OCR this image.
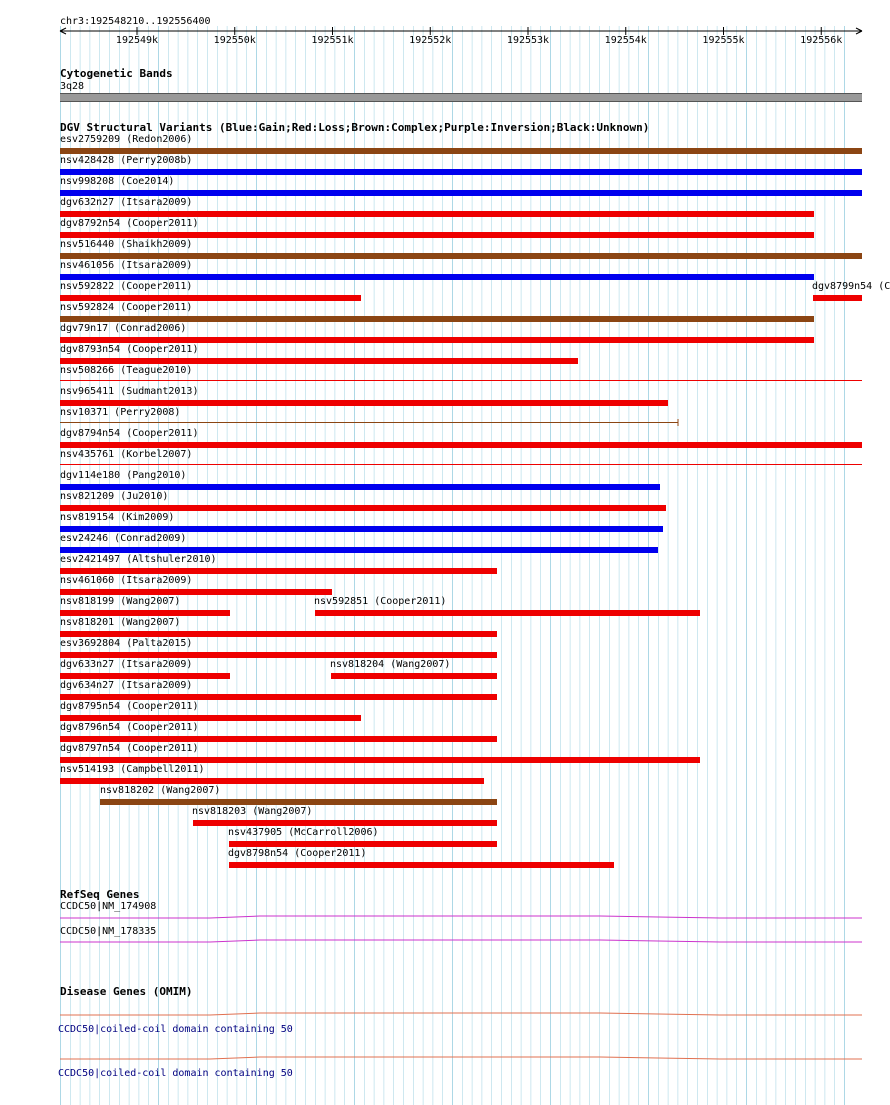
chr3:192548210..192556400
192549k	192550k	192551k	192552k	192553k	192554k	192555k	192556k
Cytogenetic Bands
3q28
DGV Structural Variants (Blue:Gain;Red:Loss;Brown:Complex;Purple:Inversion;Black:Unknown)
esv2759209 (Redon2006)
nsv428428 (Perry2008b)
nsv998208 (Coe2014)
dgv632n27 (Itsara2009)
dgv8792n54 (Cooper2011)
nsv516440 (Shaikh2009)
nsv461056 (Itsara2009)
nsv592822 (Cooper2011)	dgv8799n54 (C
nsv592824 (Cooper2011)
dgv79n17 (Conrad2006)
dgv8793n54 (Cooper2011)
nsv508266 (Teague2010)
nsv965411 (Sudmant2013)
nsv10371 (Perry2008)
dgv8794n54 (Cooper2011)
nsv435761 (Korbel2007)
dgv114e180 (Pang2010)
nsv821209 (Ju2010)
nsv819154 (Kim2009)
esv24246 (Conrad2009)
esv2421497 (Altshuler2010)
nsv461060 (Itsara2009)
nsv818199 (Wang2007)	nsv592851 (Cooper2011)
nsv818201 (Wang2007)
esv3692804 (Palta2015)
dgv633n27 (Itsara2009)	nsv818204 (Wang2007)
dgv634n27 (Itsara2009)
dgv8795n54 (Cooper2011)
dgv8796n54 (Cooper2011)
dgv8797n54 (Cooper2011)
nsv514193 (Campbell2011)
nsv818202 (Wang2007)
nsv818203 (Wang2007)
nsv437905 (McCarroll2006)
dgv8798n54 (Cooper2011)
RefSeq Genes
CCDC50|NM_174908
CCDC50|NM_178335
Disease Genes (OMIM)
CCDC50|coiled-coil domain containing 50
CCDC50|coiled-coil domain containing 50
